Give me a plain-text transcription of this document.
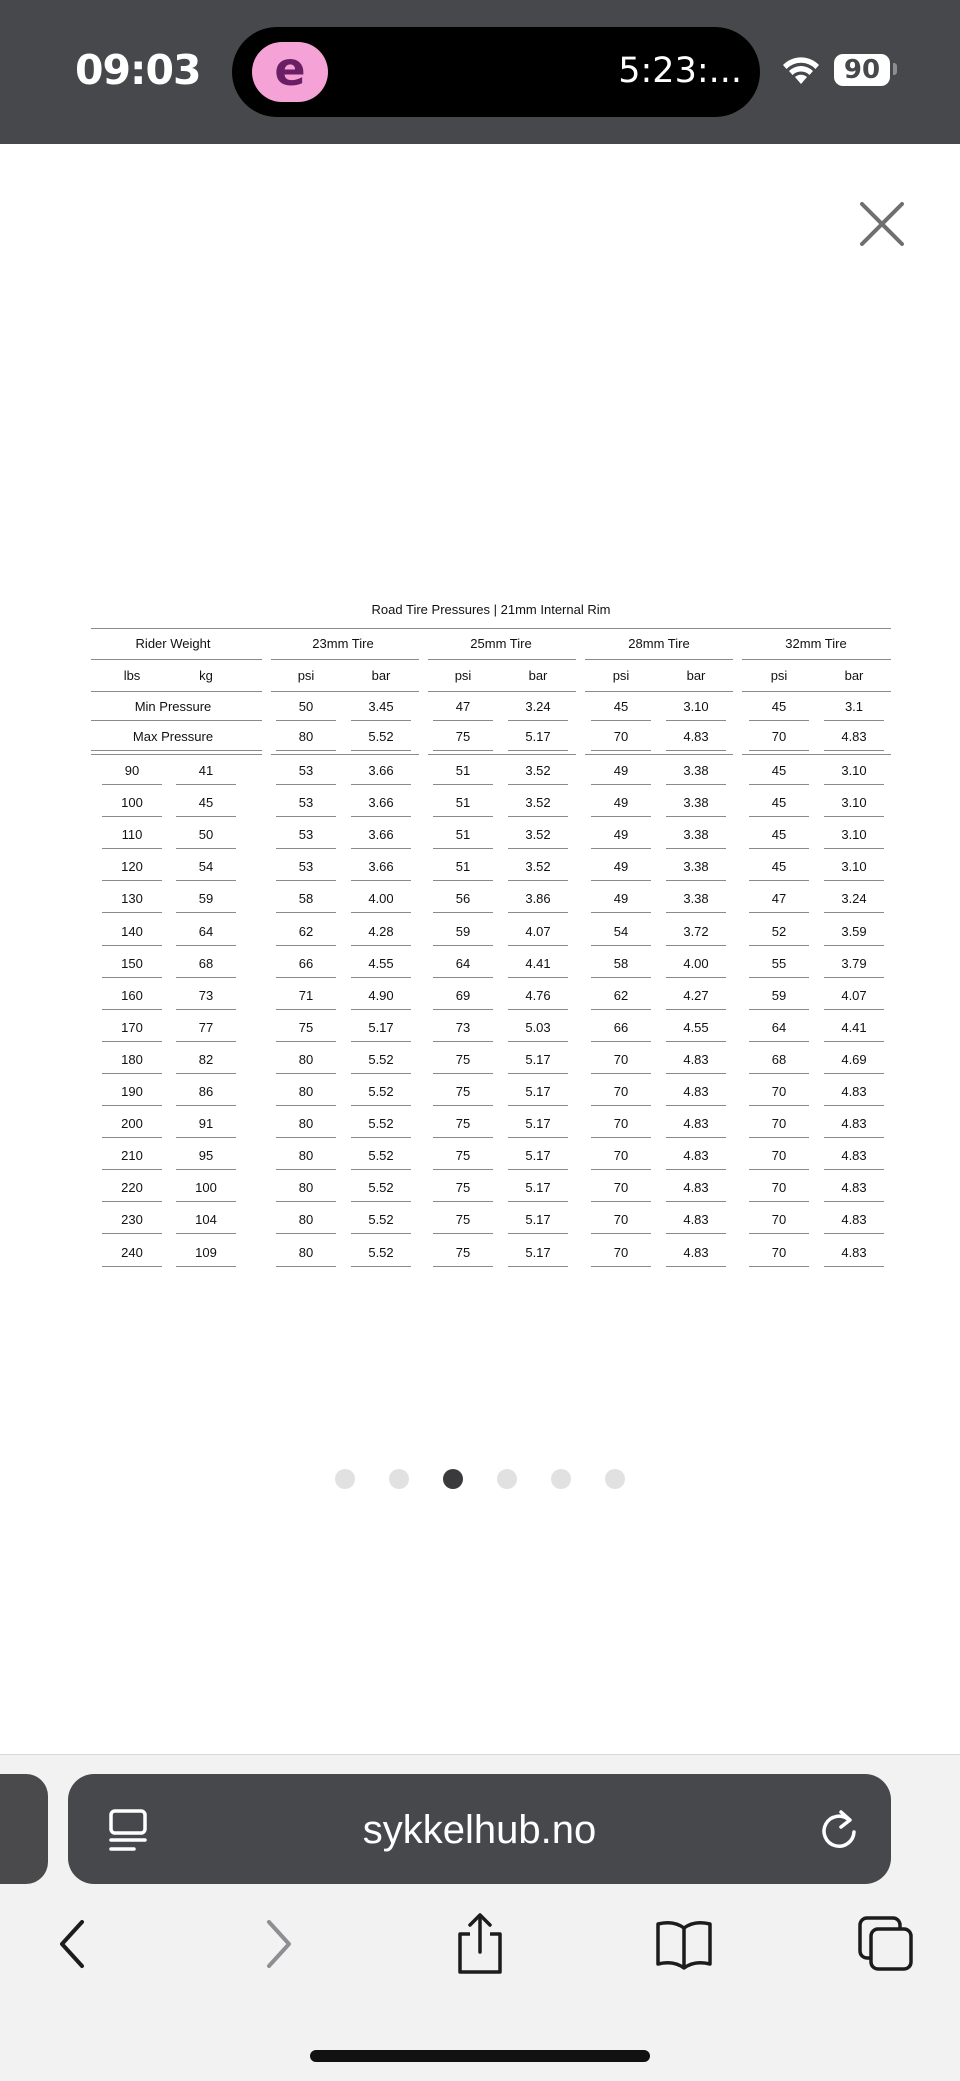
09:03 e	5:23:...	90
Road Tire Pressures | 21mm Internal Rim
Rider Weight	23mm Tire	25mm Tire	28mm Tire	32mm Tire
lbs	kg	psi	bar	psi	bar	psi	bar	psi	bar
Min Pressure	50	3.45	47	3.24	45	3.10	45	3.1
Max Pressure	80	5.52	75	5.17	70	4.83	70	4.83
90	41	53	3.66	51	3.52	49	3.38	45	3.10
100	45	53	3.66	51	3.52	49	3.38	45	3.10
110	50	53	3.66	51	3.52	49	3.38	45	3.10
120	54	53	3.66	51	3.52	49	3.38	45	3.10
130	59	58	4.00	56	3.86	49	3.38	47	3.24
140	64	62	4.28	59	4.07	54	3.72	52	3.59
150	68	66	4.55	64	4.41	58	4.00	55	3.79
160	73	71	4.90	69	4.76	62	4.27	59	4.07
170	77	75	5.17	73	5.03	66	4.55	64	4.41
180	82	80	5.52	75	5.17	70	4.83	68	4.69
190	86	80	5.52	75	5.17	70	4.83	70	4.83
200	91	80	5.52	75	5.17	70	4.83	70	4.83
210	95	80	5.52	75	5.17	70	4.83	70	4.83
220	100	80	5.52	75	5.17	70	4.83	70	4.83
230	104	80	5.52	75	5.17	70	4.83	70	4.83
240	109	80	5.52	75	5.17	70	4.83	70	4.83
sykkelhub.no
